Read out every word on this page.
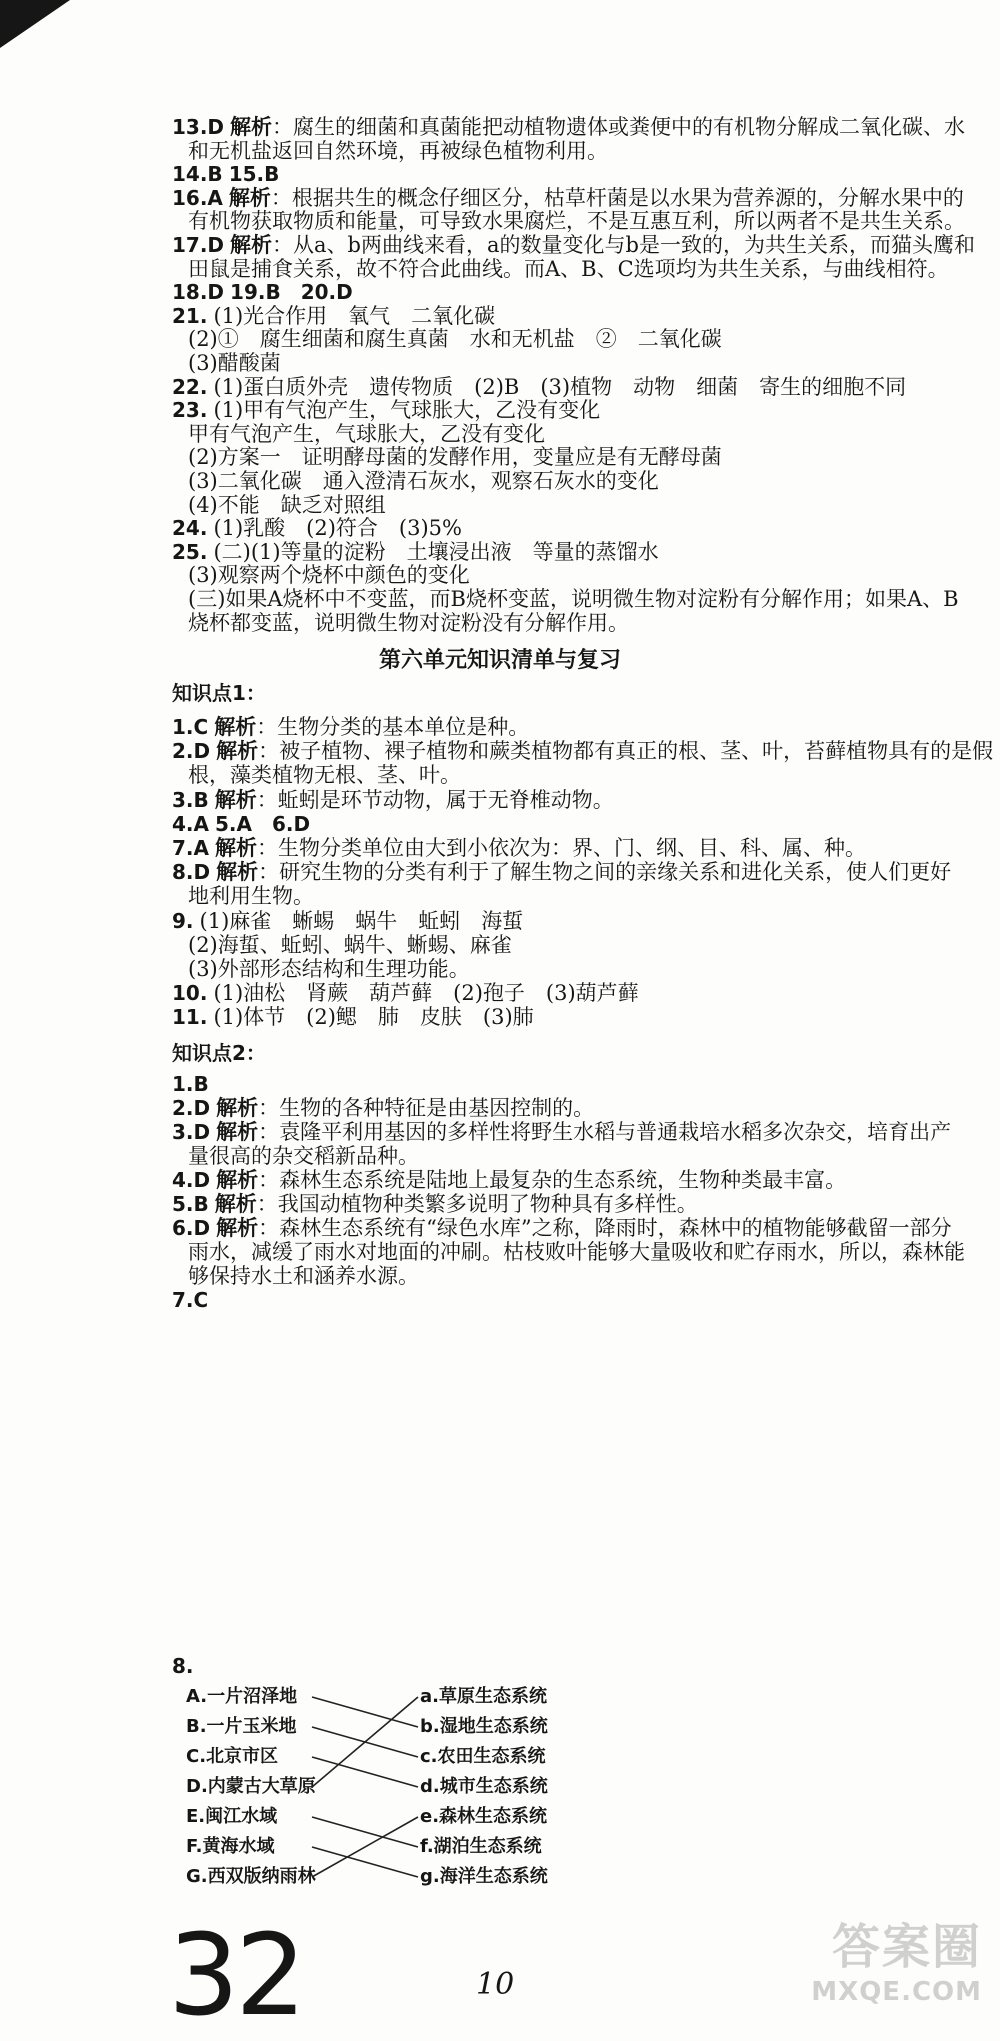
13.D 解析：腐生的细菌和真菌能把动植物遗体或粪便中的有机物分解成二氧化碳、水
和无机盐返回自然环境，再被绿色植物利用。
14.B 15.B
16.A 解析：根据共生的概念仔细区分，枯草杆菌是以水果为营养源的，分解水果中的
有机物获取物质和能量，可导致水果腐烂，不是互惠互利，所以两者不是共生关系。
17.D 解析：从a、b两曲线来看，a的数量变化与b是一致的，为共生关系，而猫头鹰和
田鼠是捕食关系，故不符合此曲线。而A、B、C选项均为共生关系，与曲线相符。
18.D 19.B　20.D
21. (1)光合作用　氧气　二氧化碳
(2)①　腐生细菌和腐生真菌　水和无机盐　②　二氧化碳
(3)醋酸菌
22. (1)蛋白质外壳　遗传物质　(2)B　(3)植物　动物　细菌　寄生的细胞不同
23. (1)甲有气泡产生，气球胀大，乙没有变化
甲有气泡产生，气球胀大，乙没有变化
(2)方案一　证明酵母菌的发酵作用，变量应是有无酵母菌
(3)二氧化碳　通入澄清石灰水，观察石灰水的变化
(4)不能　缺乏对照组
24. (1)乳酸　(2)符合　(3)5%
25. (二)(1)等量的淀粉　土壤浸出液　等量的蒸馏水
(3)观察两个烧杯中颜色的变化
(三)如果A烧杯中不变蓝，而B烧杯变蓝，说明微生物对淀粉有分解作用；如果A、B
烧杯都变蓝，说明微生物对淀粉没有分解作用。
第六单元知识清单与复习
知识点1：
1.C 解析：生物分类的基本单位是种。
2.D 解析：被子植物、裸子植物和蕨类植物都有真正的根、茎、叶，苔藓植物具有的是假
根，藻类植物无根、茎、叶。
3.B 解析：蚯蚓是环节动物，属于无脊椎动物。
4.A 5.A　6.D
7.A 解析：生物分类单位由大到小依次为：界、门、纲、目、科、属、种。
8.D 解析：研究生物的分类有利于了解生物之间的亲缘关系和进化关系，使人们更好
地利用生物。
9. (1)麻雀　蜥蜴　蜗牛　蚯蚓　海蜇
(2)海蜇、蚯蚓、蜗牛、蜥蜴、麻雀
(3)外部形态结构和生理功能。
10. (1)油松　肾蕨　葫芦藓　(2)孢子　(3)葫芦藓
11. (1)体节　(2)鳃　肺　皮肤　(3)肺
知识点2：
1.B
2.D 解析：生物的各种特征是由基因控制的。
3.D 解析：袁隆平利用基因的多样性将野生水稻与普通栽培水稻多次杂交，培育出产
量很高的杂交稻新品种。
4.D 解析：森林生态系统是陆地上最复杂的生态系统，生物种类最丰富。
5.B 解析：我国动植物种类繁多说明了物种具有多样性。
6.D 解析：森林生态系统有“绿色水库”之称，降雨时，森林中的植物能够截留一部分
雨水，减缓了雨水对地面的冲刷。枯枝败叶能够大量吸收和贮存雨水，所以，森林能
够保持水土和涵养水源。
7.C
8.
A.一片沼泽地
B.一片玉米地
C.北京市区
D.内蒙古大草原
E.闽江水域
F.黄海水域
G.西双版纳雨林
a.草原生态系统
b.湿地生态系统
c.农田生态系统
d.城市生态系统
e.森林生态系统
f.湖泊生态系统
g.海洋生态系统
32	10
答案圈
MXQE.COM
